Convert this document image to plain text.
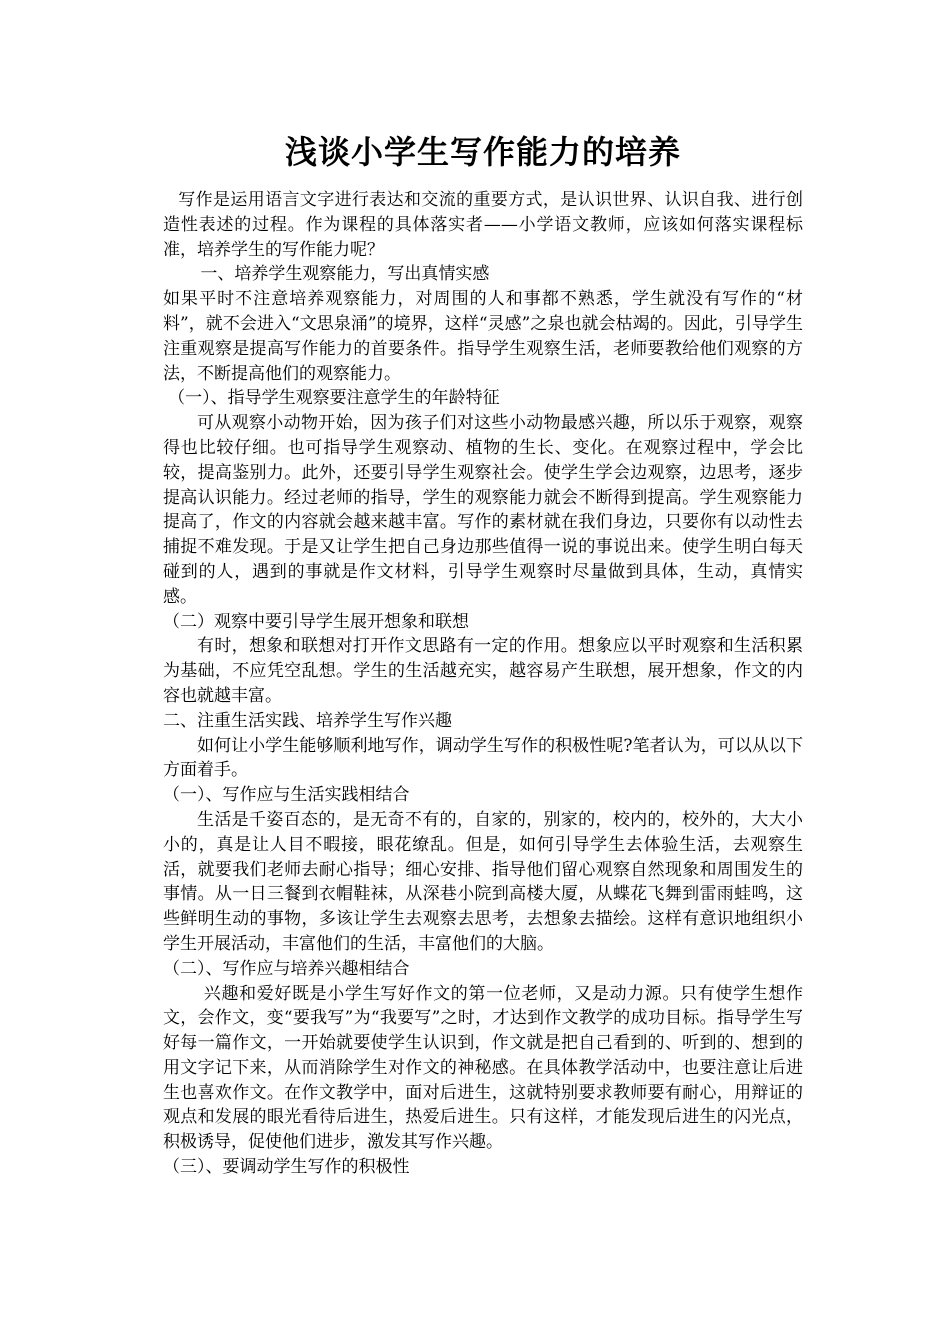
浅谈小学生写作能力的培养

写作是运用语言文字进行表达和交流的重要方式，是认识世界、认识自我、进行创造性表述的过程。作为课程的具体落实者——小学语文教师，应该如何落实课程标准，培养学生的写作能力呢？

一、培养学生观察能力，写出真情实感

如果平时不注意培养观察能力，对周围的人和事都不熟悉，学生就没有写作的“材料”，就不会进入“文思泉涌”的境界，这样“灵感”之泉也就会枯竭的。因此，引导学生注重观察是提高写作能力的首要条件。指导学生观察生活，老师要教给他们观察的方法，不断提高他们的观察能力。

（一）、指导学生观察要注意学生的年龄特征

可从观察小动物开始，因为孩子们对这些小动物最感兴趣，所以乐于观察，观察得也比较仔细。也可指导学生观察动、植物的生长、变化。在观察过程中，学会比较，提高鉴别力。此外，还要引导学生观察社会。使学生学会边观察，边思考，逐步提高认识能力。经过老师的指导，学生的观察能力就会不断得到提高。学生观察能力提高了，作文的内容就会越来越丰富。写作的素材就在我们身边，只要你有以动性去捕捉不难发现。于是又让学生把自己身边那些值得一说的事说出来。使学生明白每天碰到的人，遇到的事就是作文材料，引导学生观察时尽量做到具体，生动，真情实感。

（二）观察中要引导学生展开想象和联想

有时，想象和联想对打开作文思路有一定的作用。想象应以平时观察和生活积累为基础，不应凭空乱想。学生的生活越充实，越容易产生联想，展开想象，作文的内容也就越丰富。

二、注重生活实践、培养学生写作兴趣

如何让小学生能够顺利地写作，调动学生写作的积极性呢?笔者认为，可以从以下方面着手。

（一）、写作应与生活实践相结合

生活是千姿百态的，是无奇不有的，自家的，别家的，校内的，校外的，大大小小的，真是让人目不暇接，眼花缭乱。但是，如何引导学生去体验生活，去观察生活，就要我们老师去耐心指导；细心安排、指导他们留心观察自然现象和周围发生的事情。从一日三餐到衣帽鞋袜，从深巷小院到高楼大厦，从蝶花飞舞到雷雨蛙鸣，这些鲜明生动的事物，多该让学生去观察去思考，去想象去描绘。这样有意识地组织小学生开展活动，丰富他们的生活，丰富他们的大脑。

（二）、写作应与培养兴趣相结合

兴趣和爱好既是小学生写好作文的第一位老师，又是动力源。只有使学生想作文，会作文，变“要我写”为“我要写”之时，才达到作文教学的成功目标。指导学生写好每一篇作文，一开始就要使学生认识到，作文就是把自己看到的、听到的、想到的用文字记下来，从而消除学生对作文的神秘感。在具体教学活动中，也要注意让后进生也喜欢作文。在作文教学中，面对后进生，这就特别要求教师要有耐心，用辩证的观点和发展的眼光看待后进生，热爱后进生。只有这样，才能发现后进生的闪光点，积极诱导，促使他们进步，激发其写作兴趣。

（三）、要调动学生写作的积极性
